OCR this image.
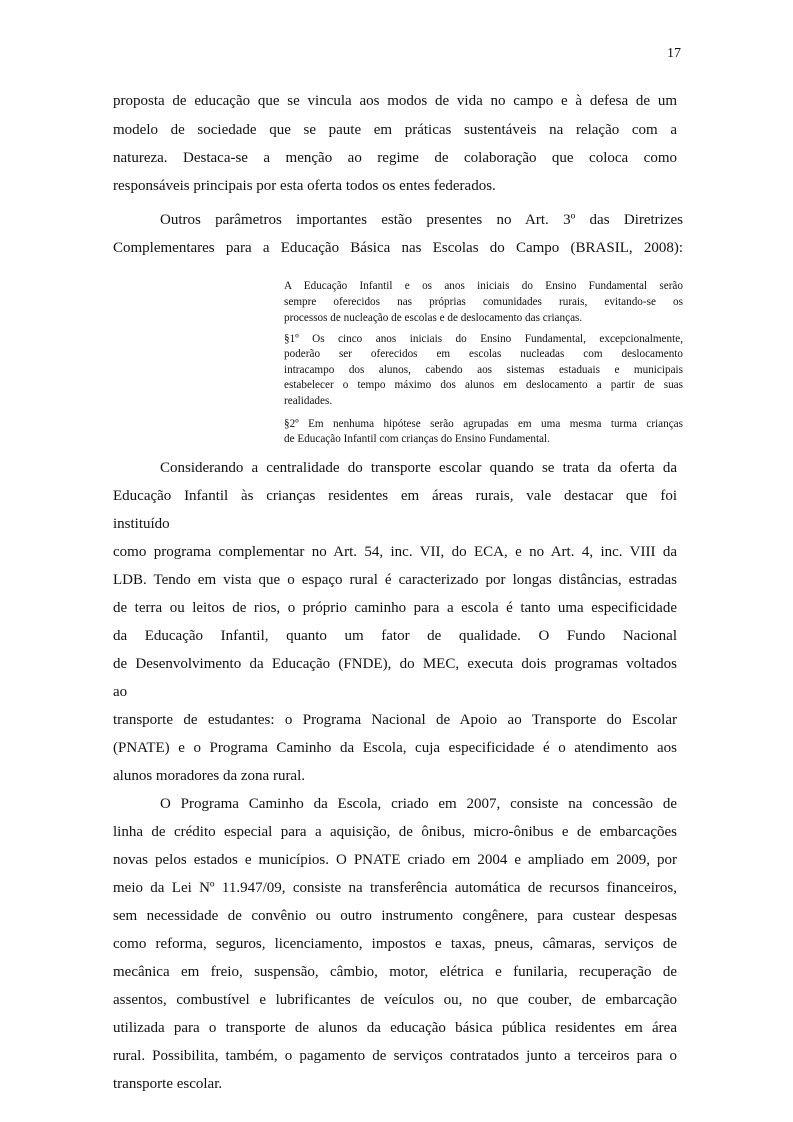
17
proposta de educação que se vincula aos modos de vida no campo e à defesa de um
modelo de sociedade que se paute em práticas sustentáveis na relação com a
natureza. Destaca-se a menção ao regime de colaboração que coloca como
responsáveis principais por esta oferta todos os entes federados.
Outros parâmetros importantes estão presentes no Art. 3º das Diretrizes
Complementares para a Educação Básica nas Escolas do Campo (BRASIL, 2008):
A Educação Infantil e os anos iniciais do Ensino Fundamental serão
sempre oferecidos nas próprias comunidades rurais, evitando-se os
processos de nucleação de escolas e de deslocamento das crianças.
§1º Os cinco anos iniciais do Ensino Fundamental, excepcionalmente,
poderão ser oferecidos em escolas nucleadas com deslocamento
intracampo dos alunos, cabendo aos sistemas estaduais e municipais
estabelecer o tempo máximo dos alunos em deslocamento a partir de suas
realidades.
§2º Em nenhuma hipótese serão agrupadas em uma mesma turma crianças
de Educação Infantil com crianças do Ensino Fundamental.
Considerando a centralidade do transporte escolar quando se trata da oferta da
Educação Infantil às crianças residentes em áreas rurais, vale destacar que foi
instituído
como programa complementar no Art. 54, inc. VII, do ECA, e no Art. 4, inc. VIII da
LDB. Tendo em vista que o espaço rural é caracterizado por longas distâncias, estradas
de terra ou leitos de rios, o próprio caminho para a escola é tanto uma especificidade
da Educação Infantil, quanto um fator de qualidade. O Fundo Nacional
de Desenvolvimento da Educação (FNDE), do MEC, executa dois programas voltados
ao
transporte de estudantes: o Programa Nacional de Apoio ao Transporte do Escolar
(PNATE) e o Programa Caminho da Escola, cuja especificidade é o atendimento aos
alunos moradores da zona rural.
O Programa Caminho da Escola, criado em 2007, consiste na concessão de
linha de crédito especial para a aquisição, de ônibus, micro-ônibus e de embarcações
novas pelos estados e municípios. O PNATE criado em 2004 e ampliado em 2009, por
meio da Lei Nº 11.947/09, consiste na transferência automática de recursos financeiros,
sem necessidade de convênio ou outro instrumento congênere, para custear despesas
como reforma, seguros, licenciamento, impostos e taxas, pneus, câmaras, serviços de
mecânica em freio, suspensão, câmbio, motor, elétrica e funilaria, recuperação de
assentos, combustível e lubrificantes de veículos ou, no que couber, de embarcação
utilizada para o transporte de alunos da educação básica pública residentes em área
rural. Possibilita, também, o pagamento de serviços contratados junto a terceiros para o
transporte escolar.
